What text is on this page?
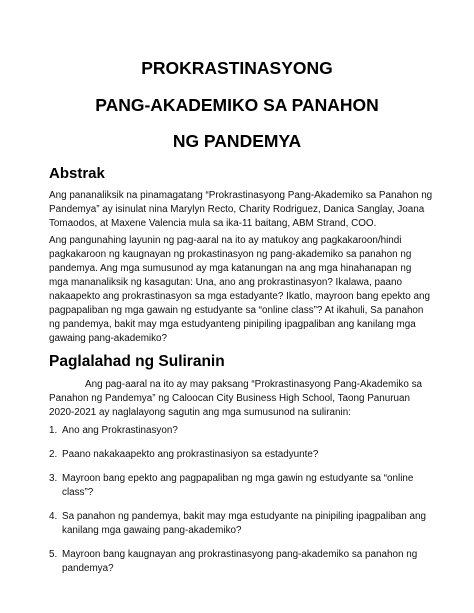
PROKRASTINASYONG
PANG-AKADEMIKO SA PANAHON
NG PANDEMYA
Abstrak

Ang pananaliksik na pinamagatang “Prokrastinasyong Pang-Akademiko sa Panahon ng Pandemya” ay isinulat nina Marylyn Recto, Charity Rodriguez, Danica Sanglay, Joana Tomaodos, at Maxene Valencia mula sa ika-11 baitang, ABM Strand, COO.

Ang pangunahing layunin ng pag-aaral na ito ay matukoy ang pagkakaroon/hindi pagkakaroon ng kaugnayan ng prokastinasyon ng pang-akademiko sa panahon ng pandemya. Ang mga sumusunod ay mga katanungan na ang mga hinahanapan ng mga mananaliksik ng kasagutan: Una, ano ang prokrastinasyon? Ikalawa, paano nakaapekto ang prokrastinasyon sa mga estadyante? Ikatlo, mayroon bang epekto ang pagpapaliban ng mga gawain ng estudyante sa “online class”? At ikahuli, Sa panahon ng pandemya, bakit may mga estudyanteng pinipiling ipagpaliban ang kanilang mga gawaing pang-akademiko?

Paglalahad ng Suliranin

Ang pag-aaral na ito ay may paksang “Prokrastinasyong Pang-Akademiko sa Panahon ng Pandemya” ng Caloocan City Business High School, Taong Panuruan 2020-2021 ay naglalayong sagutin ang mga sumusunod na suliranin:

1. Ano ang Prokrastinasyon?
2. Paano nakakaapekto ang prokrastinasiyon sa estadyunte?
3. Mayroon bang epekto ang pagpapaliban ng mga gawin ng estudyante sa “online class”?
4. Sa panahon ng pandemya, bakit may mga estudyante na pinipiling ipagpaliban ang kanilang mga gawaing pang-akademiko?
5. Mayroon bang kaugnayan ang prokrastinasyong pang-akademiko sa panahon ng pandemya?
